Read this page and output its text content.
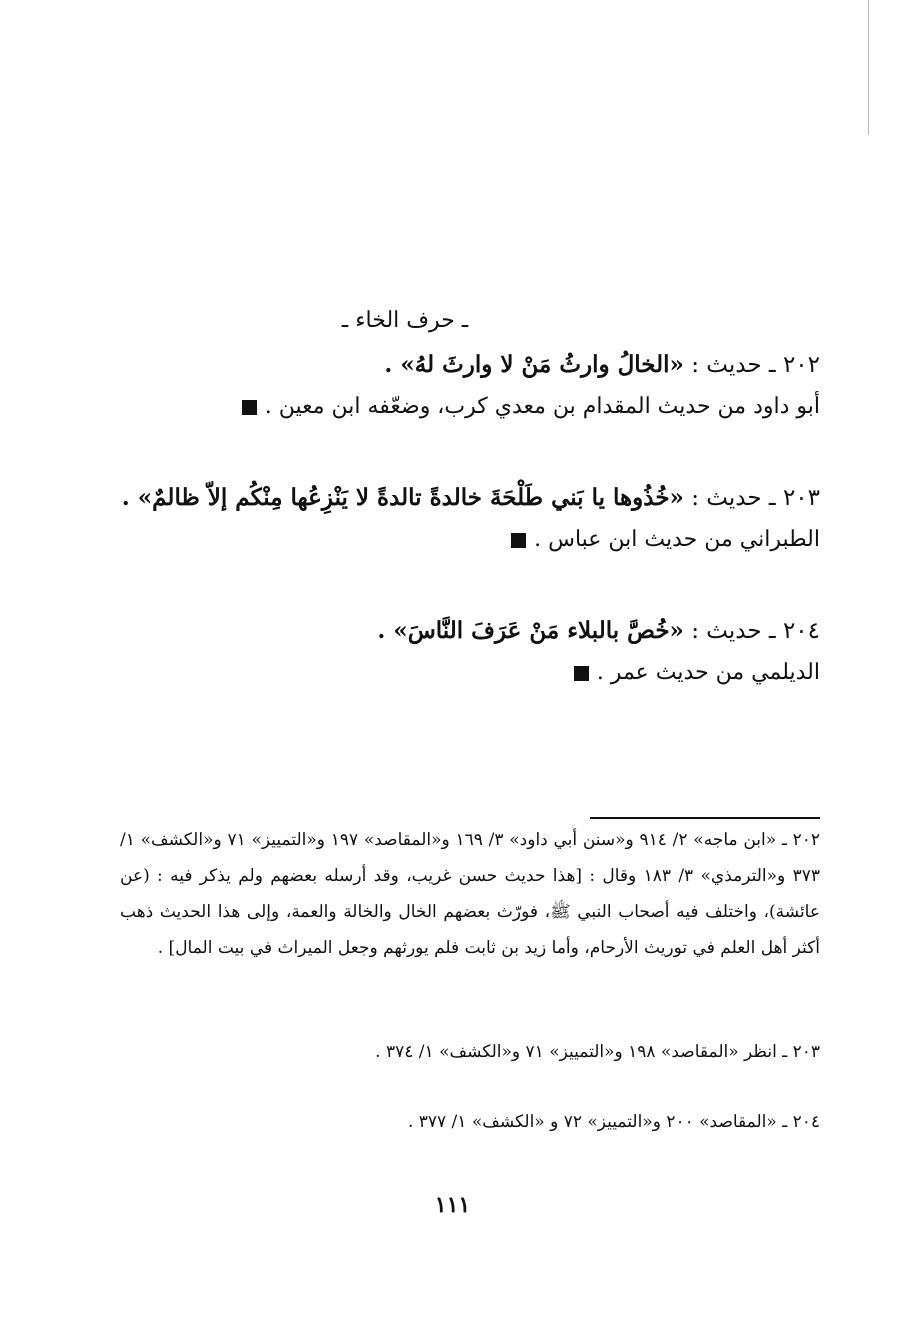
ـ حرف الخاء ـ
٢٠٢ ـ حديث : «الخالُ وارثُ مَنْ لا وارثَ لهُ» .
أبو داود من حديث المقدام بن معدي كرب، وضعّفه ابن معين .
٢٠٣ ـ حديث : «خُذُوها يا بَني طَلْحَةَ خالدةً تالدةً لا يَنْزِعُها مِنْكُم إلاّ ظالمٌ» .
الطبراني من حديث ابن عباس .
٢٠٤ ـ حديث : «خُصَّ بالبلاء مَنْ عَرَفَ النَّاسَ» .
الديلمي من حديث عمر .

٢٠٢ ـ «ابن ماجه» ٢/ ٩١٤ و«سنن أبي داود» ٣/ ١٦٩ و«المقاصد» ١٩٧ و«التمييز» ٧١ و«الكشف» ١/ ٣٧٣ و«الترمذي» ٣/ ١٨٣ وقال : [هذا حديث حسن غريب، وقد أرسله بعضهم ولم يذكر فيه : (عن عائشة)، واختلف فيه أصحاب النبي ﷺ، فورّث بعضهم الخال والخالة والعمة، وإلى هذا الحديث ذهب أكثر أهل العلم في توريث الأرحام، وأما زيد بن ثابت فلم يورثهم وجعل الميراث في بيت المال] .

٢٠٣ ـ انظر «المقاصد» ١٩٨ و«التمييز» ٧١ و«الكشف» ١/ ٣٧٤ .

٢٠٤ ـ «المقاصد» ٢٠٠ و«التمييز» ٧٢ و «الكشف» ١/ ٣٧٧ .

١١١
